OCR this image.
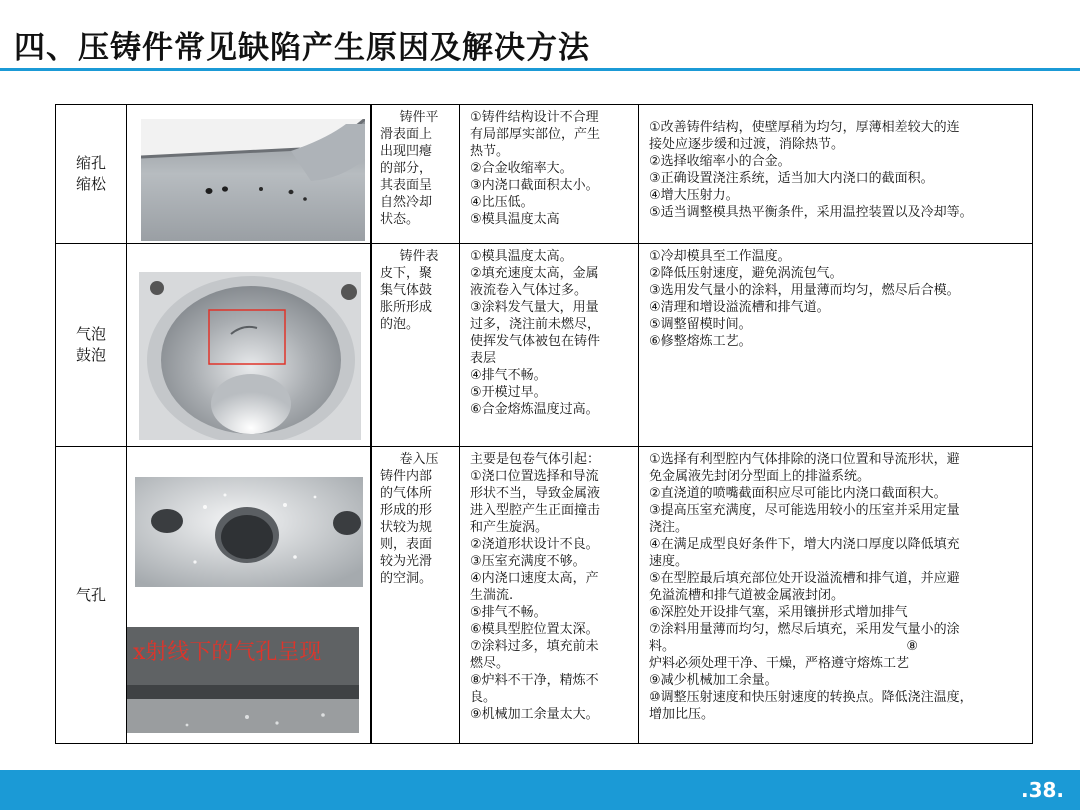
四、压铸件常见缺陷产生原因及解决方法
缩孔
缩松
铸件平
滑表面上
出现凹瘪
的部分，
其表面呈
自然冷却
状态。
①铸件结构设计不合理
有局部厚实部位，产生
热节。
②合金收缩率大。
③内浇口截面积太小。
④比压低。
⑤模具温度太高
①改善铸件结构，使壁厚稍为均匀，厚薄相差较大的连
接处应逐步缓和过渡，消除热节。
②选择收缩率小的合金。
③正确设置浇注系统，适当加大内浇口的截面积。
④增大压射力。
⑤适当调整模具热平衡条件，采用温控装置以及冷却等。
气泡
鼓泡
铸件表
皮下，聚
集气体鼓
胀所形成
的泡。
①模具温度太高。
②填充速度太高，金属
液流卷入气体过多。
③涂料发气量大，用量
过多，浇注前未燃尽，
使挥发气体被包在铸件
表层
④排气不畅。
⑤开模过早。
⑥合金熔炼温度过高。
①冷却模具至工作温度。
②降低压射速度，避免涡流包气。
③选用发气量小的涂料，用量薄而均匀，燃尽后合模。
④清理和增设溢流槽和排气道。
⑤调整留模时间。
⑥修整熔炼工艺。
气孔
x射线下的气孔呈现
卷入压
铸件内部
的气体所
形成的形
状较为规
则，表面
较为光滑
的空洞。
主要是包卷气体引起：
①浇口位置选择和导流
形状不当，导致金属液
进入型腔产生正面撞击
和产生旋涡。
②浇道形状设计不良。
③压室充满度不够。
④内浇口速度太高，产
生湍流.
⑤排气不畅。
⑥模具型腔位置太深。
⑦涂料过多，填充前未
燃尽。
⑧炉料不干净，精炼不
良。
⑨机械加工余量太大。
①选择有利型腔内气体排除的浇口位置和导流形状，避
免金属液先封闭分型面上的排溢系统。
②直浇道的喷嘴截面积应尽可能比内浇口截面积大。
③提高压室充满度，尽可能选用较小的压室并采用定量
浇注。
④在满足成型良好条件下，增大内浇口厚度以降低填充
速度。
⑤在型腔最后填充部位处开设溢流槽和排气道，并应避
免溢流槽和排气道被金属液封闭。
⑥深腔处开设排气塞，采用镶拼形式增加排气
⑦涂料用量薄而均匀，燃尽后填充，采用发气量小的涂
料。                                                        ⑧
炉料必须处理干净、干燥，严格遵守熔炼工艺
⑨减少机械加工余量。
⑩调整压射速度和快压射速度的转换点。降低浇注温度，
增加比压。
.38.
